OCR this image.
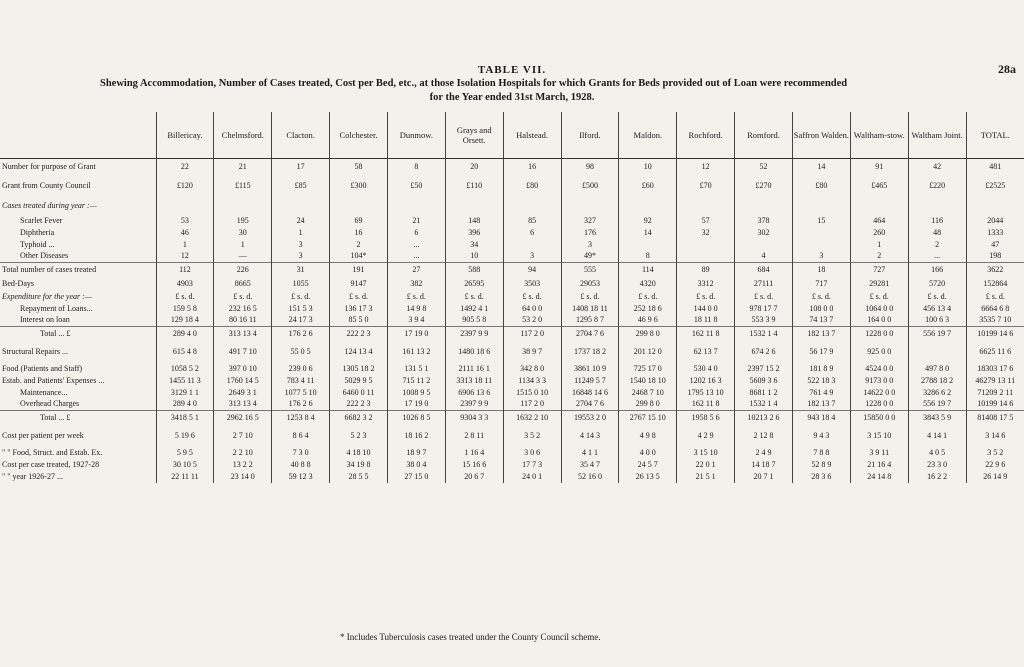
28a
TABLE VII.
Shewing Accommodation, Number of Cases treated, Cost per Bed, etc., at those Isolation Hospitals for which Grants for Beds provided out of Loan were recommended
for the Year ended 31st March, 1928.
	Billericay.	Chelmsford.	Clacton.	Colchester.	Dunmow.	Grays and Orsett.	Halstead.	Ilford.	Maldon.	Rochford.	Romford.	Saffron Walden.	Waltham-stow.	Waltham Joint.	TOTAL.
Number for purpose of Grant	22	21	17	58	8	20	16	98	10	12	52	14	91	42	481
Grant from County Council	£120	£115	£85	£300	£50	£110	£80	£500	£60	£70	£270	£80	£465	£220	£2525
Cases treated during year :—															
Scarlet Fever	53	195	24	69	21	148	85	327	92	57	378	15	464	116	2044
Diphtheria	46	30	1	16	6	396	6	176	14	32	302		260	48	1333
Typhoid ...	1	1	3	2	...	34		3					1	2	47
Other Diseases	12	—	3	104*	...	10	3	49*	8		4	3	2	...	198
Total number of cases treated	112	226	31	191	27	588	94	555	114	89	684	18	727	166	3622
Bed-Days	4903	8665	1055	9147	382	26595	3503	29053	4320	3312	27111	717	29281	5720	152864
Expenditure for the year :—	£ s. d.	£ s. d.	£ s. d.	£ s. d.	£ s. d.	£ s. d.	£ s. d.	£ s. d.	£ s. d.	£ s. d.	£ s. d.	£ s. d.	£ s. d.	£ s. d.	£ s. d.
Repayment of Loans...	159 5 8	232 16 5	151 5 3	136 17 3	14 9 8	1492 4 1	64 0 0	1408 18 11	252 18 6	144 0 0	978 17 7	108 0 0	1064 0 0	456 13 4	6664 6 8
Interest on loan	129 18 4	80 16 11	24 17 3	85 5 0	3 9 4	905 5 8	53 2 0	1295 8 7	46 9 6	18 11 8	553 3 9	74 13 7	164 0 0	100 6 3	3535 7 10
Total ... £	289 4 0	313 13 4	176 2 6	222 2 3	17 19 0	2397 9 9	117 2 0	2704 7 6	299 8 0	162 11 8	1532 1 4	182 13 7	1228 0 0	556 19 7	10199 14 6
Structural Repairs ...	615 4 8	491 7 10	55 0 5	124 13 4	161 13 2	1480 18 6	38 9 7	1737 18 2	201 12 0	62 13 7	674 2 6	56 17 9	925 0 0		6625 11 6
Food (Patients and Staff)	1058 5 2	397 0 10	239 0 6	1305 18 2	131 5 1	2111 16 1	342 8 0	3861 10 9	725 17 0	530 4 0	2397 15 2	181 8 9	4524 0 0	497 8 0	18303 17 6
Estab. and Patients' Expenses ...	1455 11 3	1760 14 5	783 4 11	5029 9 5	715 11 2	3313 18 11	1134 3 3	11249 5 7	1540 18 10	1202 16 3	5609 3 6	522 18 3	9173 0 0	2788 18 2	46279 13 11
Maintenance...	3129 1 1	2649 3 1	1077 5 10	6460 0 11	1008 9 5	6906 13 6	1515 0 10	16848 14 6	2468 7 10	1795 13 10	8681 1 2	761 4 9	14622 0 0	3286 6 2	71209 2 11
Overhead Charges	289 4 0	313 13 4	176 2 6	222 2 3	17 19 0	2397 9 9	117 2 0	2704 7 6	299 8 0	162 11 8	1532 1 4	182 13 7	1228 0 0	556 19 7	10199 14 6
Total ... £	3418 5 1	2962 16 5	1253 8 4	6682 3 2	1026 8 5	9304 3 3	1632 2 10	19553 2 0	2767 15 10	1958 5 6	10213 2 6	943 18 4	15850 0 0	3843 5 9	81408 17 5
Cost per patient per week	5 19 6	2 7 10	8 6 4	5 2 3	18 16 2	2 8 11	3 5 2	4 14 3	4 9 8	4 2 9	2 12 8	9 4 3	3 15 10	4 14 1	3 14 6
" " Food, Struct. and Estab. Ex.	5 9 5	2 2 10	7 3 0	4 18 10	18 9 7	1 16 4	3 0 6	4 1 1	4 0 0	3 15 10	2 4 9	7 8 8	3 9 11	4 0 5	3 5 2
Cost per case treated, 1927-28	30 10 5	13 2 2	40 8 8	34 19 8	38 0 4	15 16 6	17 7 3	35 4 7	24 5 7	22 0 1	14 18 7	52 8 9	21 16 4	23 3 0	22 9 6
" " year 1926-27 ...	22 11 11	23 14 0	59 12 3	28 5 5	27 15 0	20 6 7	24 0 1	52 16 0	26 13 5	21 5 1	20 7 1	28 3 6	24 14 8	16 2 2	26 14 9
* Includes Tuberculosis cases treated under the County Council scheme.
